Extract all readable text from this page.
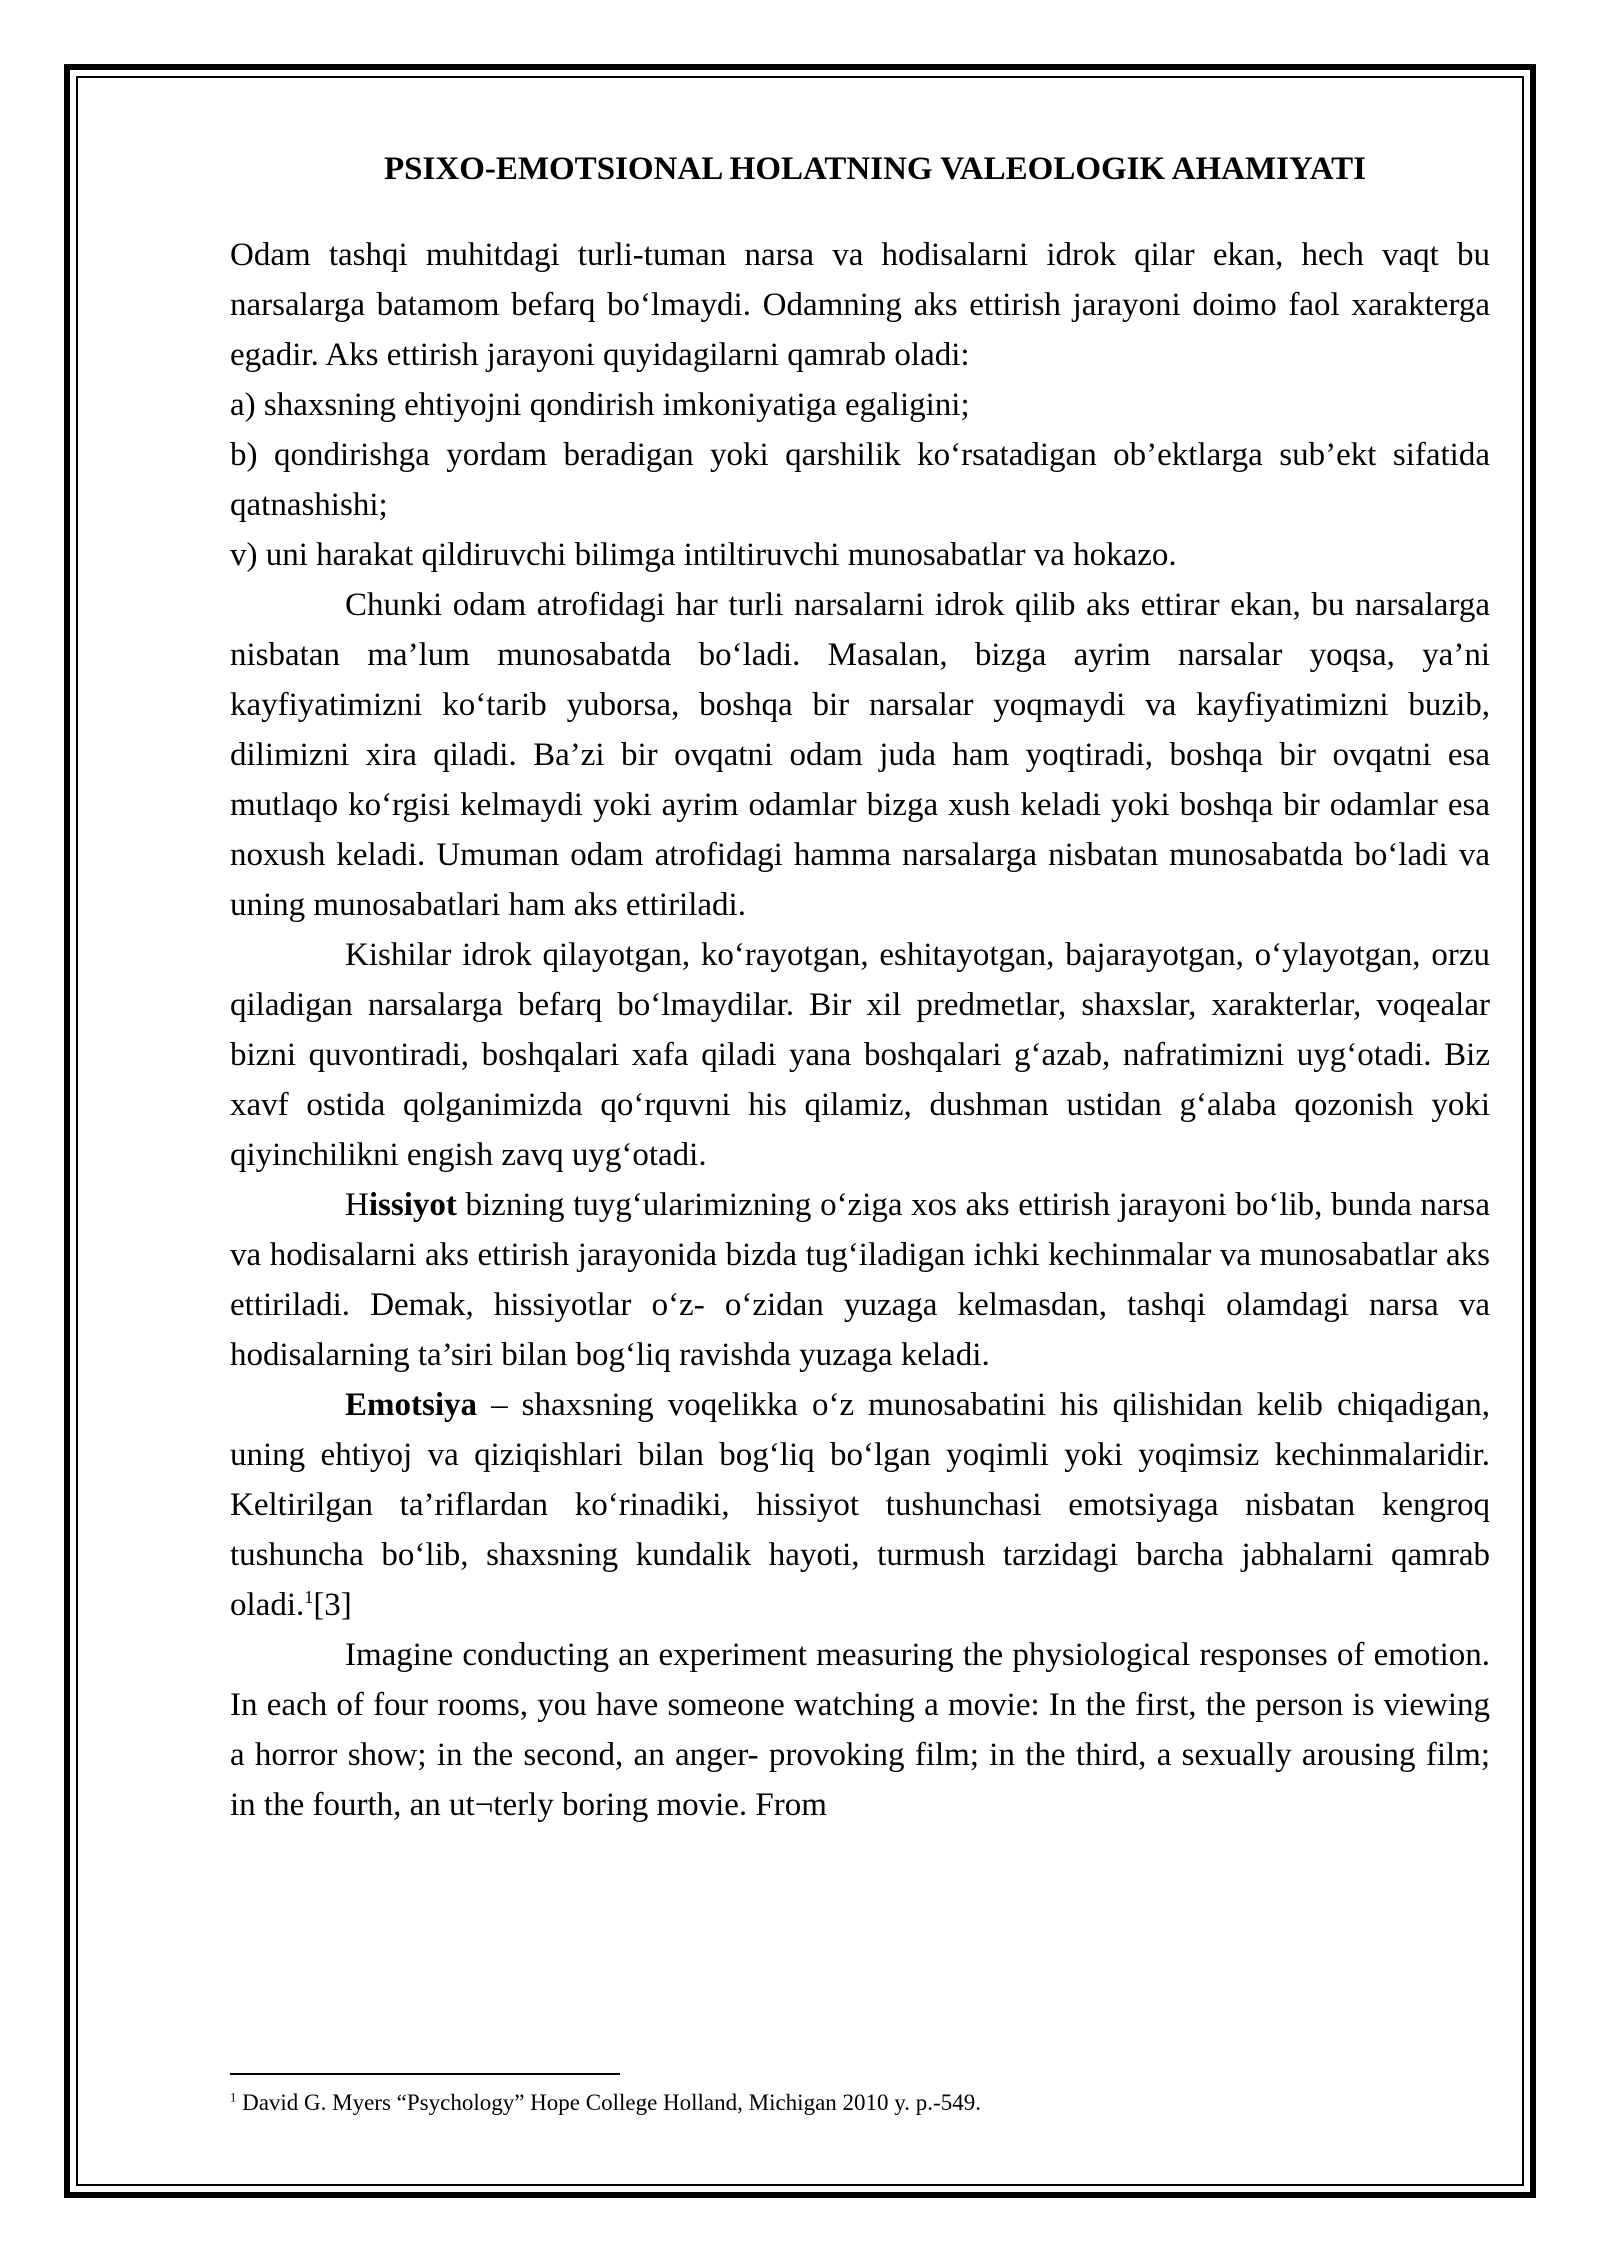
PSIXO-EMOTSIONAL HOLATNING VALEOLOGIK AHAMIYATI

Odam tashqi muhitdagi turli-tuman narsa va hodisalarni idrok qilar ekan, hech vaqt bu narsalarga batamom befarq bo‘lmaydi. Odamning aks ettirish jarayoni doimo faol xarakterga egadir. Aks ettirish jarayoni quyidagilarni qamrab oladi:

a) shaxsning ehtiyojni qondirish imkoniyatiga egaligini;

b) qondirishga yordam beradigan yoki qarshilik ko‘rsatadigan ob’ektlarga sub’ekt sifatida qatnashishi;

v) uni harakat qildiruvchi bilimga intiltiruvchi munosabatlar va hokazo.

Chunki odam atrofidagi har turli narsalarni idrok qilib aks ettirar ekan, bu narsalarga nisbatan ma’lum munosabatda bo‘ladi. Masalan, bizga ayrim narsalar yoqsa, ya’ni kayfiyatimizni ko‘tarib yuborsa, boshqa bir narsalar yoqmaydi va kayfiyatimizni buzib, dilimizni xira qiladi. Ba’zi bir ovqatni odam juda ham yoqtiradi, boshqa bir ovqatni esa mutlaqo ko‘rgisi kelmaydi yoki ayrim odamlar bizga xush keladi yoki boshqa bir odamlar esa noxush keladi. Umuman odam atrofidagi hamma narsalarga nisbatan munosabatda bo‘ladi va uning munosabatlari ham aks ettiriladi.

Kishilar idrok qilayotgan, ko‘rayotgan, eshitayotgan, bajarayotgan, o‘ylayotgan, orzu qiladigan narsalarga befarq bo‘lmaydilar. Bir xil predmetlar, shaxslar, xarakterlar, voqealar bizni quvontiradi, boshqalari xafa qiladi yana boshqalari g‘azab, nafratimizni uyg‘otadi. Biz xavf ostida qolganimizda qo‘rquvni his qilamiz, dushman ustidan g‘alaba qozonish yoki qiyinchilikni engish zavq uyg‘otadi.

Hissiyot bizning tuyg‘ularimizning o‘ziga xos aks ettirish jarayoni bo‘lib, bunda narsa va hodisalarni aks ettirish jarayonida bizda tug‘iladigan ichki kechinmalar va munosabatlar aks ettiriladi. Demak, hissiyotlar o‘z- o‘zidan yuzaga kelmasdan, tashqi olamdagi narsa va hodisalarning ta’siri bilan bog‘liq ravishda yuzaga keladi.

Emotsiya – shaxsning voqelikka o‘z munosabatini his qilishidan kelib chiqadigan, uning ehtiyoj va qiziqishlari bilan bog‘liq bo‘lgan yoqimli yoki yoqimsiz kechinmalaridir. Keltirilgan ta’riflardan ko‘rinadiki, hissiyot tushunchasi emotsiyaga nisbatan kengroq tushuncha bo‘lib, shaxsning kundalik hayoti, turmush tarzidagi barcha jabhalarni qamrab oladi.$^1$[3]

Imagine conducting an experiment measuring the physiological responses of emotion. In each of four rooms, you have someone watching a movie: In the first, the person is viewing a horror show; in the second, an anger- provoking film; in the third, a sexually arousing film; in the fourth, an ut¬terly boring movie. From

$^1$ David G. Myers “Psychology” Hope College Holland, Michigan 2010 y. p.-549.
